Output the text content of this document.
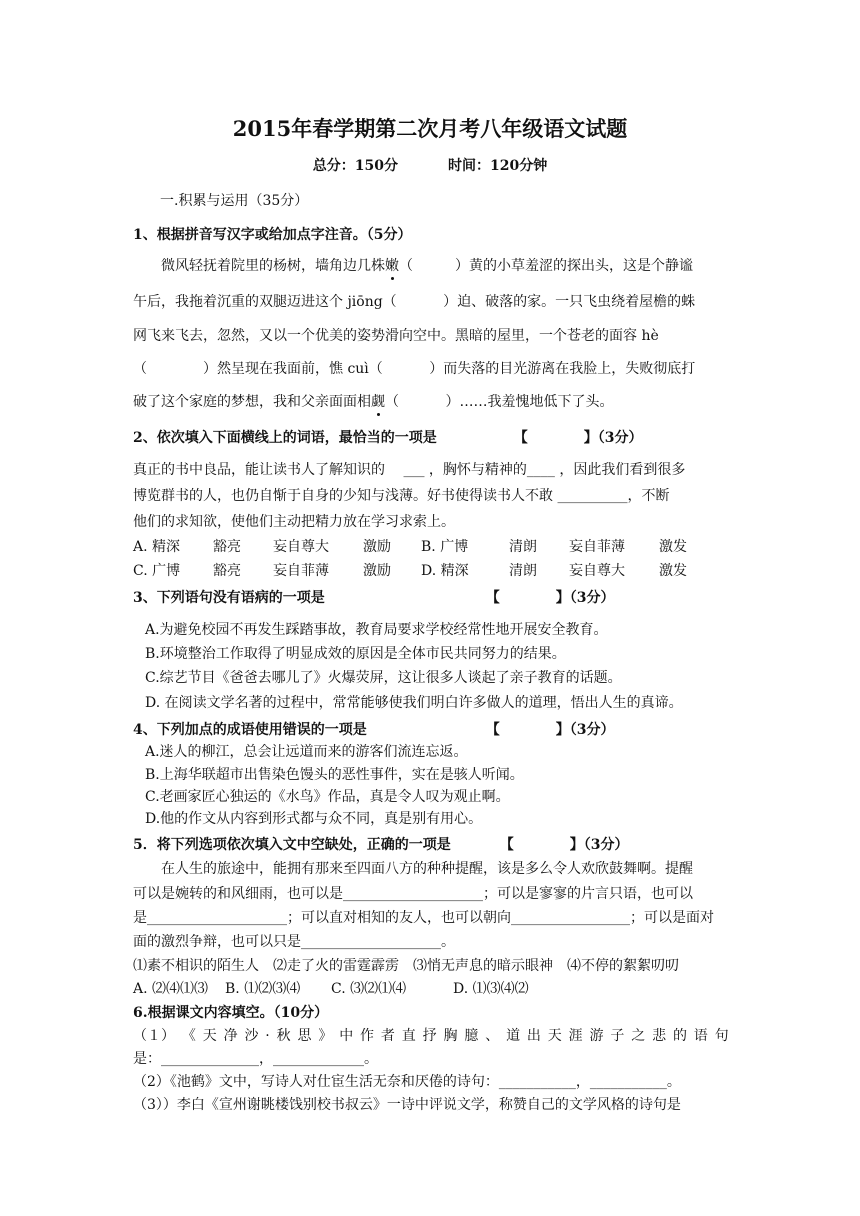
2015年春学期第二次月考八年级语文试题
总分：150分	时间：120分钟
一.积累与运用（35分）
1、根据拼音写汉字或给加点字注音。（5分）
微风轻抚着院里的杨树，墙角边几株嫩（　　　）黄的小草羞涩的探出头，这是个静谧
午后，我拖着沉重的双腿迈进这个 jiōng（　　　 ）迫、破落的家。一只飞虫绕着屋檐的蛛
网飞来飞去，忽然，又以一个优美的姿势滑向空中。黑暗的屋里，一个苍老的面容 hè
（　　　　）然呈现在我面前，憔 cuì（　　　 ）而失落的目光游离在我脸上，失败彻底打
破了这个家庭的梦想，我和父亲面面相觑（　　　 ）……我羞愧地低下了头。
2、依次填入下面横线上的词语，最恰当的一项是　　　　　　【　　　　】（3分）
真正的书中良品，能让读书人了解知识的　 ___ ，胸怀与精神的____ ，因此我们看到很多
博览群书的人，也仍自惭于自身的少知与浅薄。好书使得读书人不敢 __________，不断
他们的求知欲，使他们主动把精力放在学习求索上。
A. 精深	豁亮	妄自尊大	激励	B. 广博	清朗	妄自菲薄	激发
C. 广博	豁亮	妄自菲薄	激励	D. 精深	清朗	妄自尊大	激发
3、下列语句没有语病的一项是　　　　　　　　　　　　【　　　　】（3分）
A.为避免校园不再发生踩踏事故，教育局要求学校经常性地开展安全教育。
B.环境整治工作取得了明显成效的原因是全体市民共同努力的结果。
C.综艺节目《爸爸去哪儿了》火爆荧屏，这让很多人谈起了亲子教育的话题。
D. 在阅读文学名著的过程中，常常能够使我们明白许多做人的道理，悟出人生的真谛。
4、下列加点的成语使用错误的一项是　　　　　　　　　【　　　　】（3分）
A.迷人的柳江，总会让远道而来的游客们流连忘返。
B.上海华联超市出售染色馒头的恶性事件，实在是骇人听闻。
C.老画家匠心独运的《水鸟》作品，真是令人叹为观止啊。
D.他的作文从内容到形式都与众不同，真是别有用心。
5．将下列选项依次填入文中空缺处，正确的一项是　　　　【　　　　】（3分）
在人生的旅途中，能拥有那来至四面八方的种种提醒，该是多么令人欢欣鼓舞啊。提醒
可以是婉转的和风细雨，也可以是____________________；可以是寥寥的片言只语，也可以
是____________________；可以直对相知的友人，也可以朝向_________________；可以是面对
面的激烈争辩，也可以只是____________________。
⑴素不相识的陌生人　⑵走了火的雷霆霹雳　⑶悄无声息的暗示眼神　⑷不停的絮絮叨叨
A. ⑵⑷⑴⑶	B. ⑴⑵⑶⑷	C. ⑶⑵⑴⑷	D. ⑴⑶⑷⑵
6.根据课文内容填空。（10分）
（１） 《 天 净 沙 · 秋 思 》 中 作 者 直 抒 胸 臆 、 道 出 天 涯 游 子 之 悲 的 语 句
是：______________，_____________。
（2）《池鹤》文中，写诗人对仕宦生活无奈和厌倦的诗句：___________，___________。
（3））李白《宣州谢眺楼饯别校书叔云》一诗中评说文学，称赞自己的文学风格的诗句是
